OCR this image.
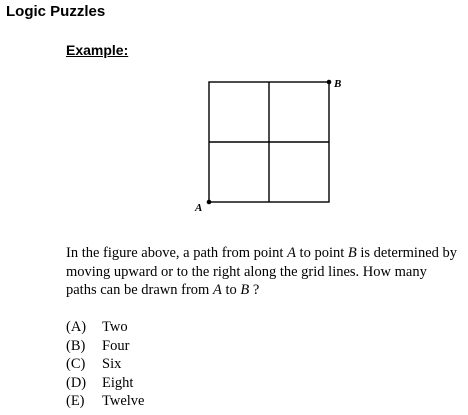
Logic Puzzles
Example:
A
B
In the figure above, a path from point A to point B is determined by moving upward or to the right along the grid lines. How many paths can be drawn from A to B ?
(A)	Two
(B)	Four
(C)	Six
(D)	Eight
(E)	Twelve
